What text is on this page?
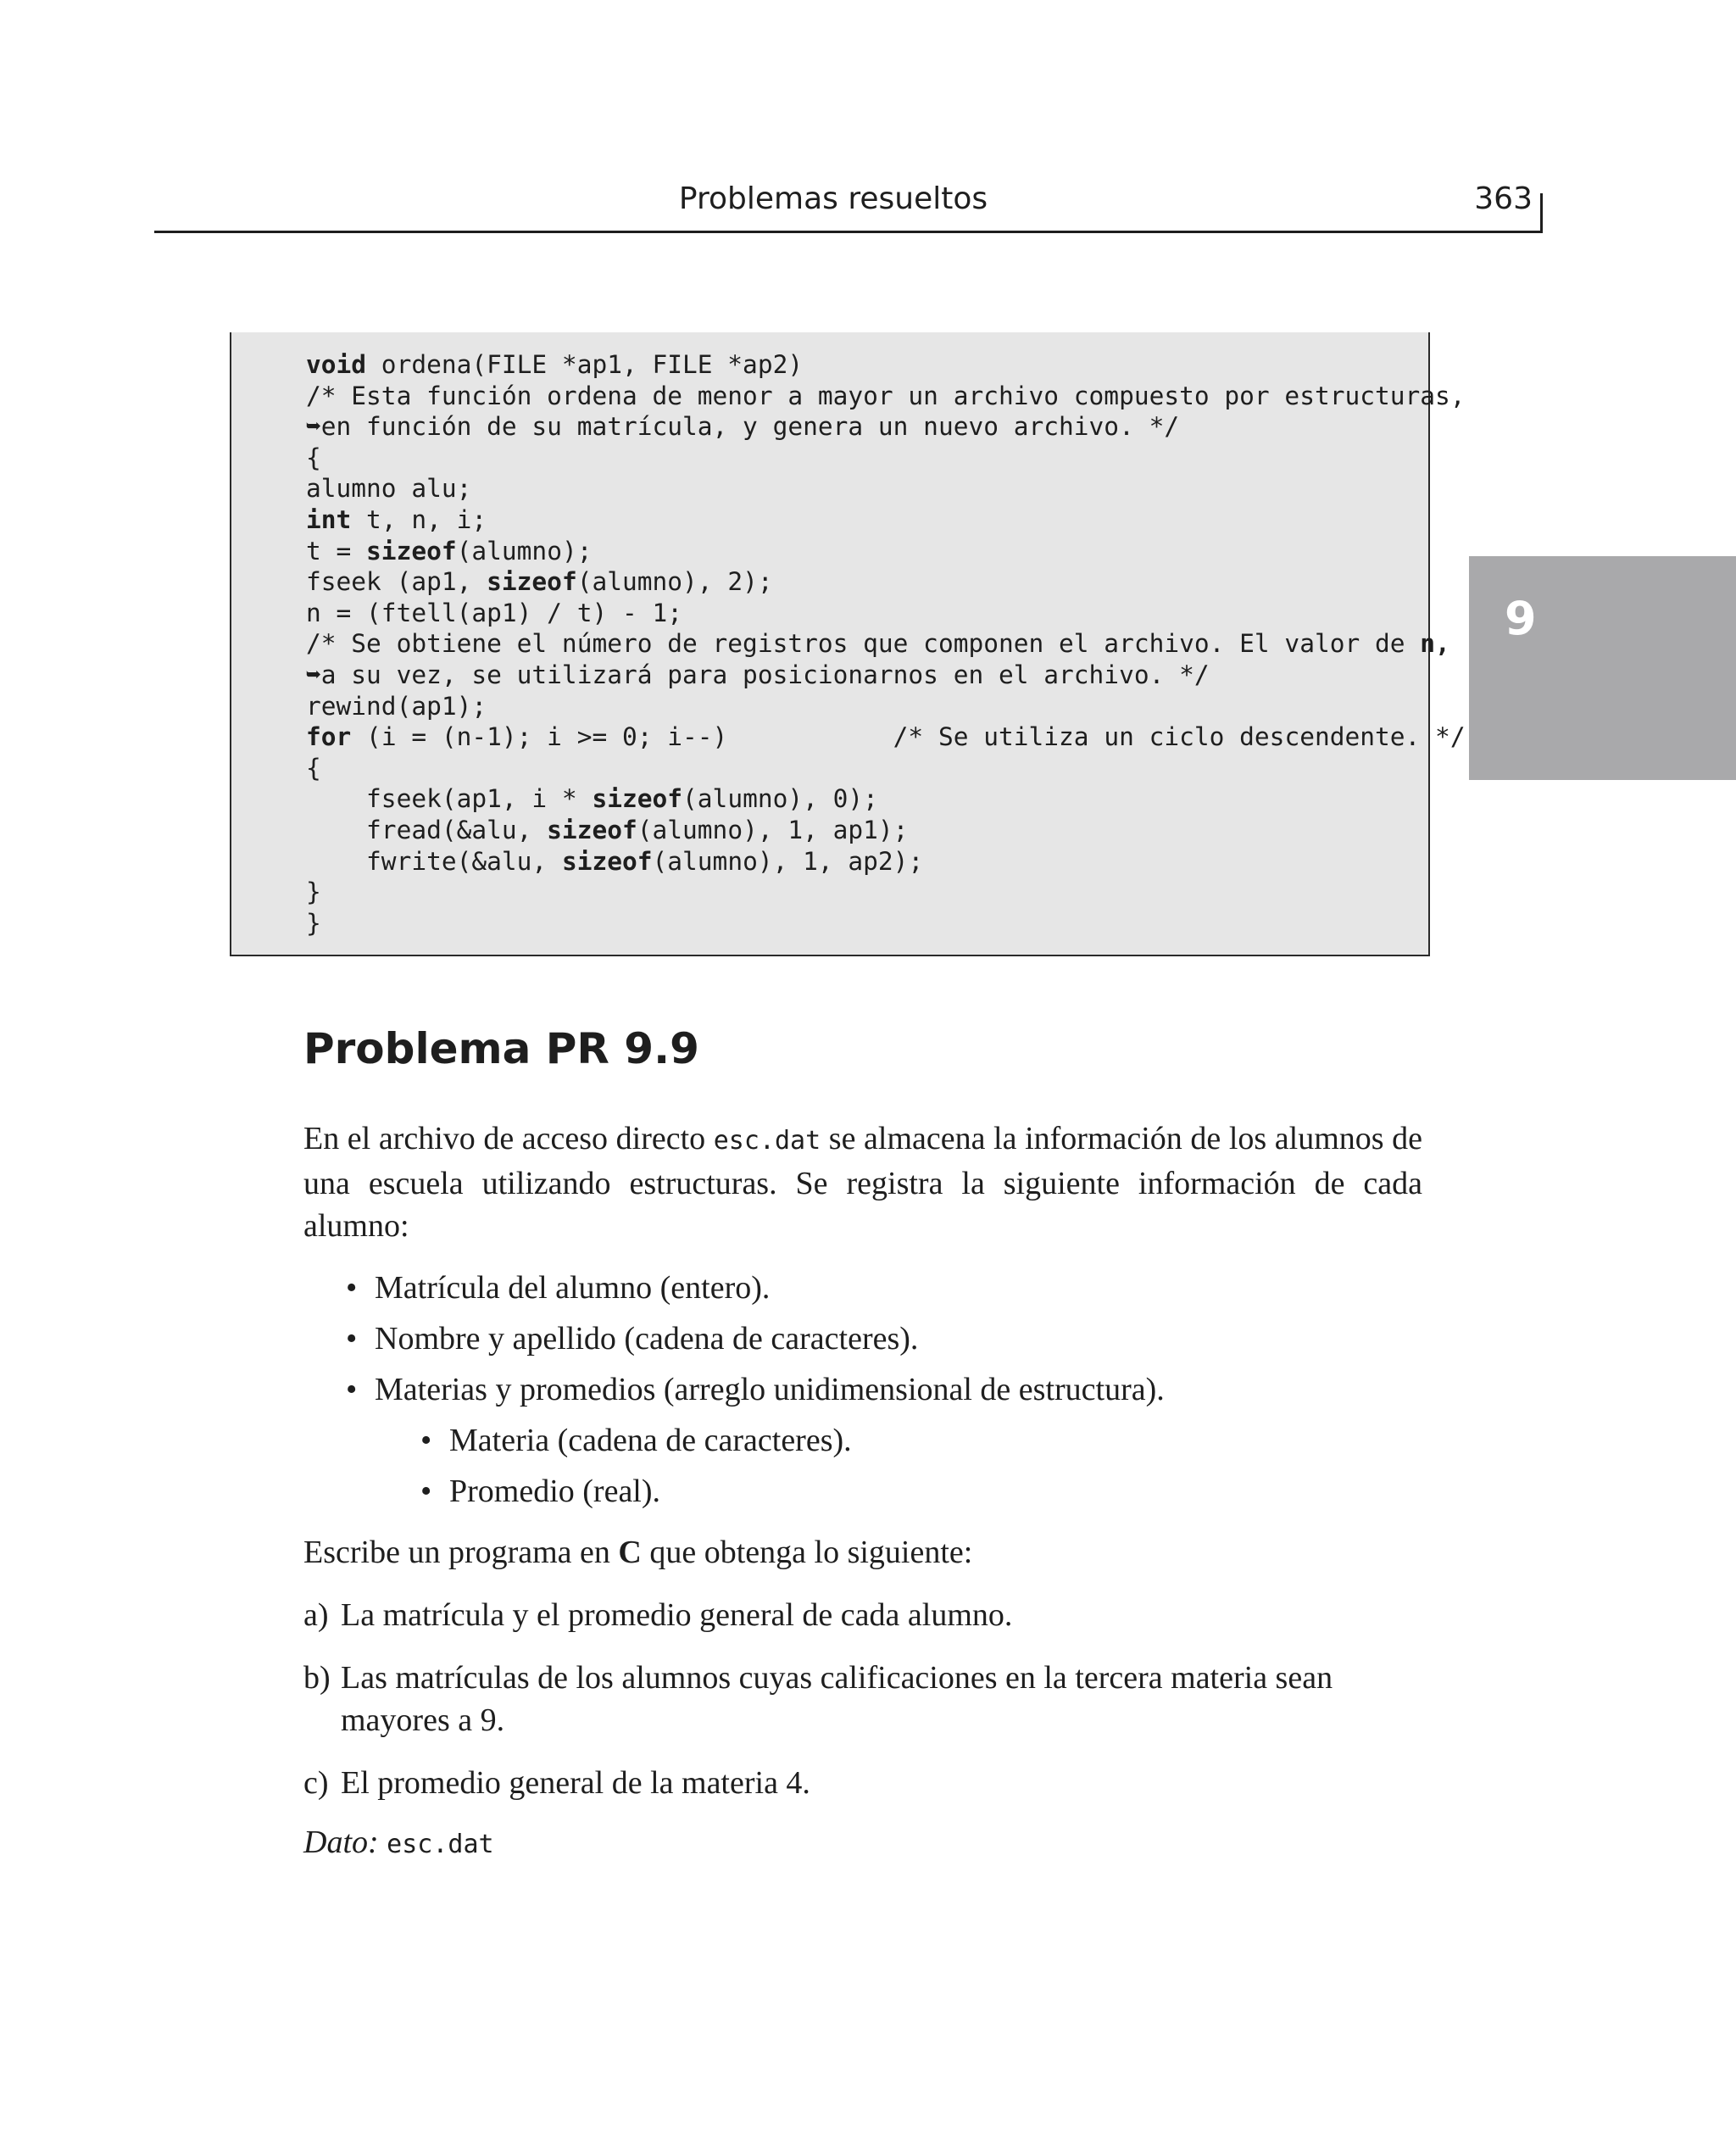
Problemas resueltos	363
9
void ordena(FILE *ap1, FILE *ap2)
/* Esta función ordena de menor a mayor un archivo compuesto por estructuras,
➥en función de su matrícula, y genera un nuevo archivo. */
{
alumno alu;
int t, n, i;
t = sizeof(alumno);
fseek (ap1, sizeof(alumno), 2);
n = (ftell(ap1) / t) - 1;
/* Se obtiene el número de registros que componen el archivo. El valor de n,
➥a su vez, se utilizará para posicionarnos en el archivo. */
rewind(ap1);
for (i = (n-1); i >= 0; i--)           /* Se utiliza un ciclo descendente. */
{
fseek(ap1, i * sizeof(alumno), 0);
fread(&alu, sizeof(alumno), 1, ap1);
fwrite(&alu, sizeof(alumno), 1, ap2);
}
}
Problema PR 9.9

En el archivo de acceso directo esc.dat se almacena la información de los alumnos de una escuela utilizando estructuras. Se registra la siguiente información de cada alumno:

• Matrícula del alumno (entero).
• Nombre y apellido (cadena de caracteres).
• Materias y promedios (arreglo unidimensional de estructura).
• Materia (cadena de caracteres).
• Promedio (real).

Escribe un programa en C que obtenga lo siguiente:

a) La matrícula y el promedio general de cada alumno.
b) Las matrículas de los alumnos cuyas calificaciones en la tercera materia sean mayores a 9.
c) El promedio general de la materia 4.
Dato: esc.dat
